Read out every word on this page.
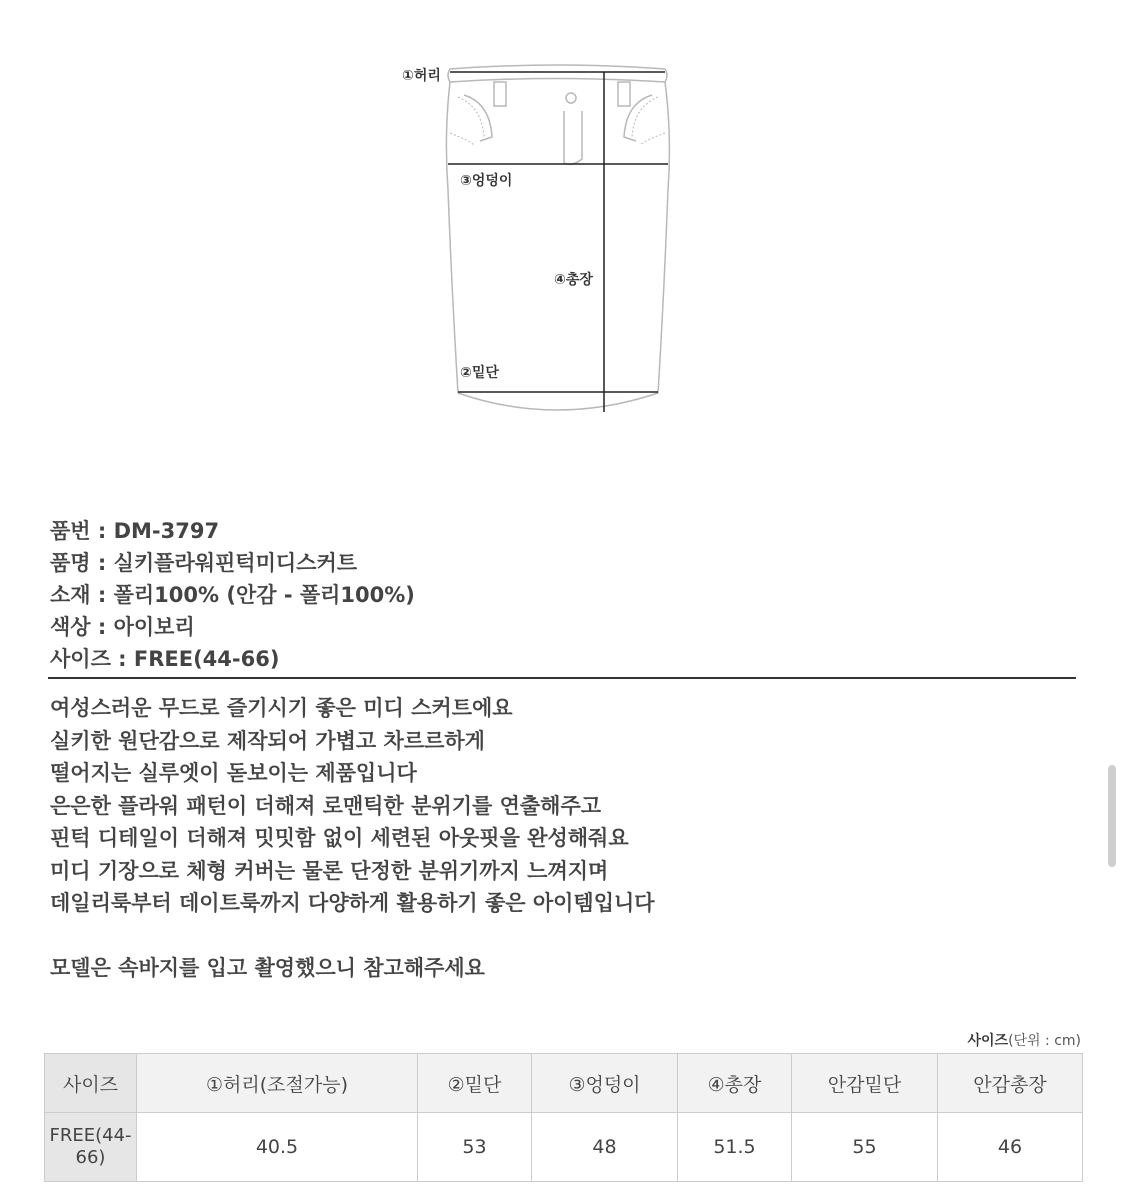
①허리
③엉덩이
④총장
②밑단
품번 : DM-3797
품명 : 실키플라워핀턱미디스커트
소재 : 폴리100% (안감 - 폴리100%)
색상 : 아이보리
사이즈 : FREE(44-66)

여성스러운 무드로 즐기시기 좋은 미디 스커트에요

실키한 원단감으로 제작되어 가볍고 차르르하게

떨어지는 실루엣이 돋보이는 제품입니다

은은한 플라워 패턴이 더해져 로맨틱한 분위기를 연출해주고

핀턱 디테일이 더해져 밋밋함 없이 세련된 아웃핏을 완성해줘요

미디 기장으로 체형 커버는 물론 단정한 분위기까지 느껴지며

데일리룩부터 데이트룩까지 다양하게 활용하기 좋은 아이템입니다

모델은 속바지를 입고 촬영했으니 참고해주세요

사이즈(단위 : cm)
사이즈	①허리(조절가능)	②밑단	③엉덩이	④총장	안감밑단	안감총장
FREE(44-66)	40.5	53	48	51.5	55	46
